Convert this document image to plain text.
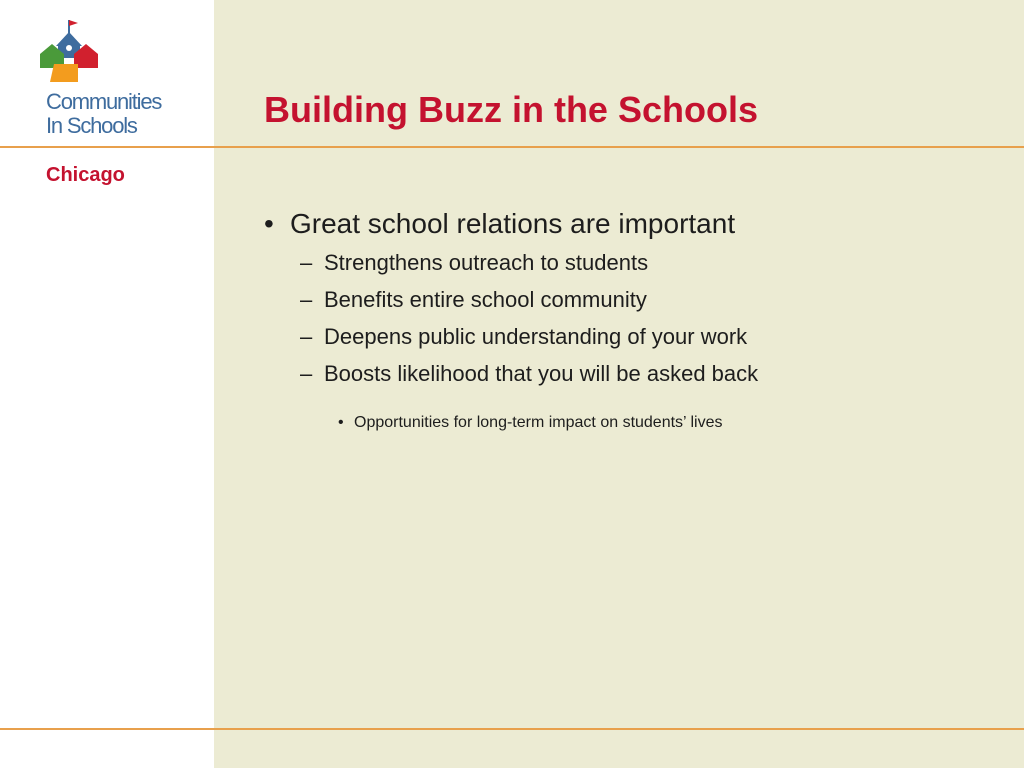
Communities
In Schools
Chicago
Building Buzz in the Schools
• Great school relations are important
– Strengthens outreach to students
– Benefits entire school community
– Deepens public understanding of your work
– Boosts likelihood that you will be asked back
• Opportunities for long-term impact on students’ lives
